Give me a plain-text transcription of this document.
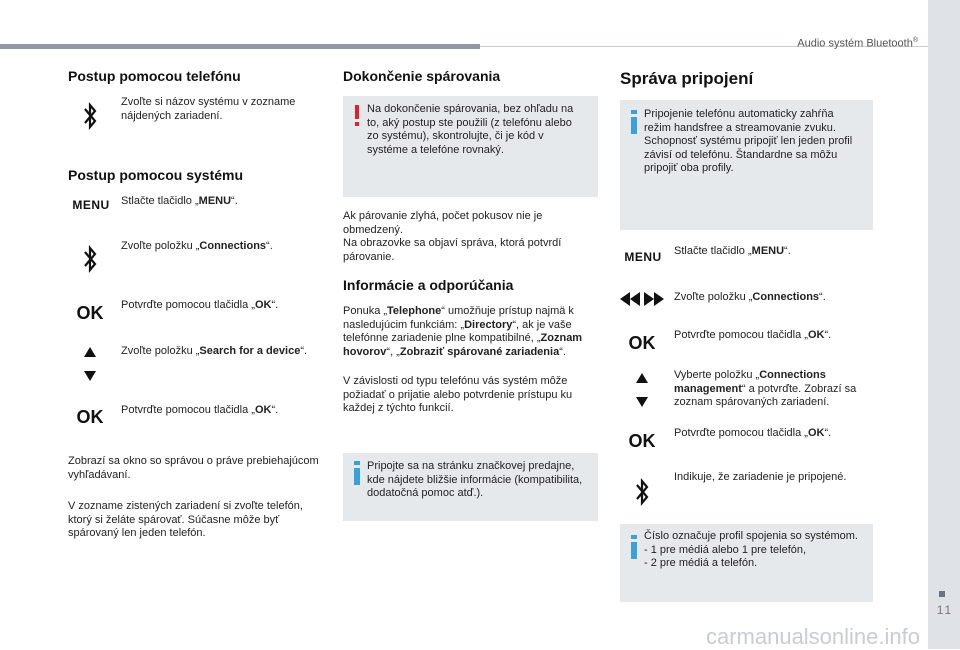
Audio systém Bluetooth®
11
carmanualsonline.info
Postup pomocou telefónu
Zvoľte si názov systému v zozname nájdených zariadení.
Postup pomocou systému
MENU Stlačte tlačidlo „MENU“.
Zvoľte položku „Connections“.
OK Potvrďte pomocou tlačidla „OK“.
Zvoľte položku „Search for a device“.
OK Potvrďte pomocou tlačidla „OK“.
Zobrazí sa okno so správou o práve prebiehajúcom vyhľadávaní.
V zozname zistených zariadení si zvoľte telefón, ktorý si želáte spárovať. Súčasne môže byť spárovaný len jeden telefón.
Dokončenie spárovania
Na dokončenie spárovania, bez ohľadu na to, aký postup ste použili (z telefónu alebo zo systému), skontrolujte, či je kód v systéme a telefóne rovnaký.
Ak párovanie zlyhá, počet pokusov nie je obmedzený.
Na obrazovke sa objaví správa, ktorá potvrdí párovanie.
Informácie a odporúčania
Ponuka „Telephone“ umožňuje prístup najmä k nasledujúcim funkciám: „Directory“, ak je vaše telefónne zariadenie plne kompatibilné, „Zoznam hovorov“, „Zobraziť spárované zariadenia“.
V závislosti od typu telefónu vás systém môže požiadať o prijatie alebo potvrdenie prístupu ku každej z týchto funkcií.
Pripojte sa na stránku značkovej predajne, kde nájdete bližšie informácie (kompatibilita, dodatočná pomoc atď.).
Správa pripojení
Pripojenie telefónu automaticky zahŕňa režim handsfree a streamovanie zvuku. Schopnosť systému pripojiť len jeden profil závisí od telefónu. Štandardne sa môžu pripojiť oba profily.
MENU Stlačte tlačidlo „MENU“.
Zvoľte položku „Connections“.
OK Potvrďte pomocou tlačidla „OK“.
Vyberte položku „Connections management“ a potvrďte. Zobrazí sa zoznam spárovaných zariadení.
OK Potvrďte pomocou tlačidla „OK“.
Indikuje, že zariadenie je pripojené.
Číslo označuje profil spojenia so systémom.
- 1 pre médiá alebo 1 pre telefón,
- 2 pre médiá a telefón.
